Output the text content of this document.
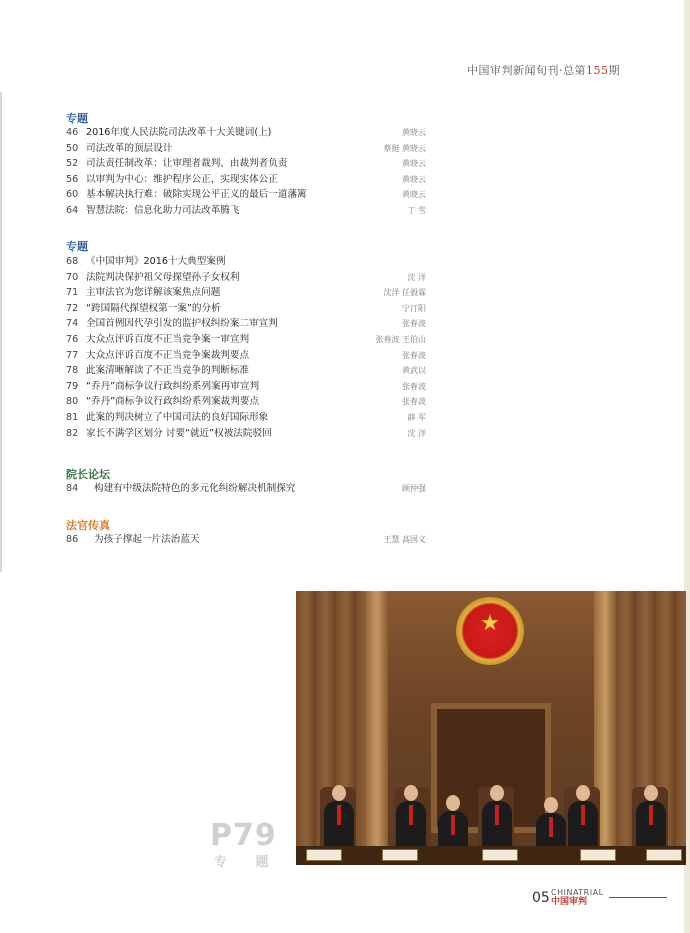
中国审判新闻旬刊·总第155期
专题
46 2016年度人民法院司法改革十大关键词(上)	黄晓云
50 司法改革的顶层设计	蔡挺 黄晓云
52 司法责任制改革：让审理者裁判、由裁判者负责	黄晓云
56 以审判为中心：维护程序公正，实现实体公正	黄晓云
60 基本解决执行难：破除实现公平正义的最后一道藩篱	黄晓云
64 智慧法院：信息化助力司法改革腾飞	丁 雪
专题
68 《中国审判》2016十大典型案例
70 法院判决保护祖父母探望孙子女权利	沈 洋
71 主审法官为您详解该案焦点问题	沈洋 任毅霖
72 “跨国隔代探望权第一案”的分析	宁汀阳
74 全国首例因代孕引发的监护权纠纷案二审宣判	张春波
76 大众点评诉百度不正当竞争案一审宣判	张春波 王伯山
77 大众点评诉百度不正当竞争案裁判要点	张春波
78 此案清晰解读了不正当竞争的判断标准	黄武以
79 “乔丹”商标争议行政纠纷系列案再审宣判	张春波
80 “乔丹”商标争议行政纠纷系列案裁判要点	张春波
81 此案的判决树立了中国司法的良好国际形象	薛 军
82 家长不满学区划分 讨要“就近”权被法院驳回	沈 洋
院长论坛
84 构建有中级法院特色的多元化纠纷解决机制探究	顾仲强
法官传真
86 为孩子撑起一片法治蓝天	王慧 高国义
★
P79
专 题
05 CHINATRIAL
中国审判
